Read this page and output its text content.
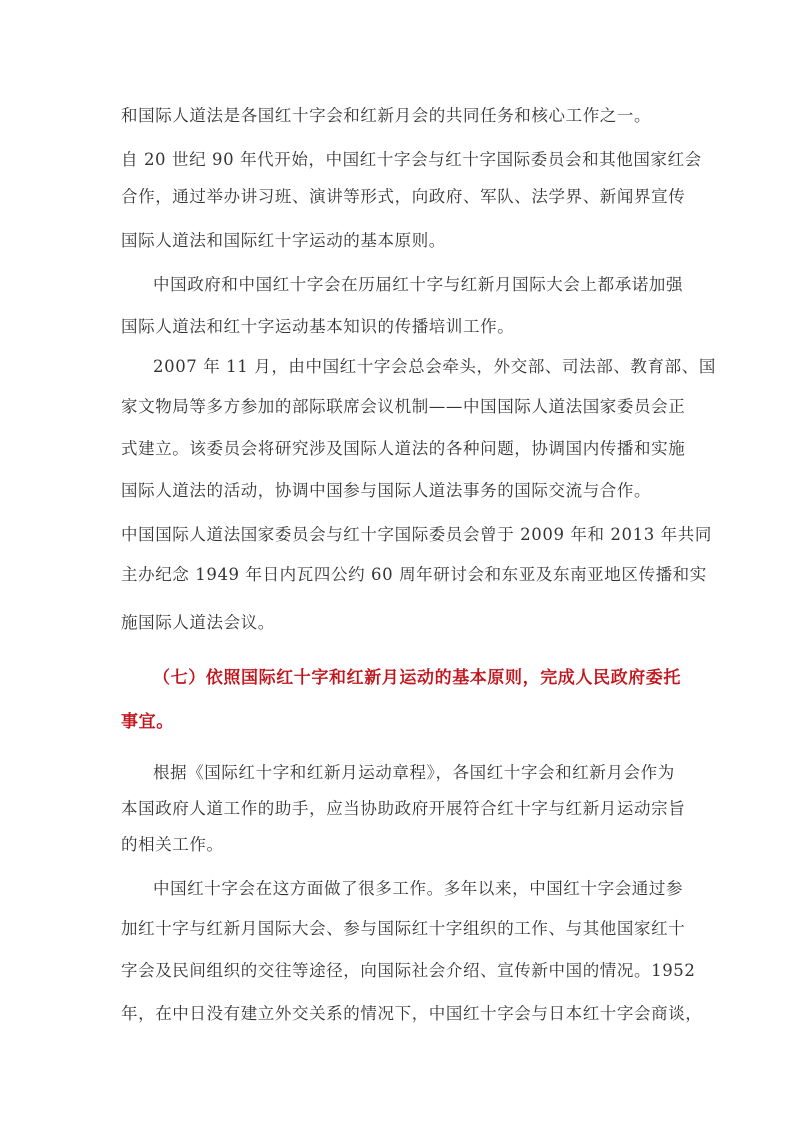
和国际人道法是各国红十字会和红新月会的共同任务和核心工作之一。
自 20 世纪 90 年代开始，中国红十字会与红十字国际委员会和其他国家红会
合作，通过举办讲习班、演讲等形式，向政府、军队、法学界、新闻界宣传
国际人道法和国际红十字运动的基本原则。
中国政府和中国红十字会在历届红十字与红新月国际大会上都承诺加强
国际人道法和红十字运动基本知识的传播培训工作。
2007 年 11 月，由中国红十字会总会牵头，外交部、司法部、教育部、国
家文物局等多方参加的部际联席会议机制——中国国际人道法国家委员会正
式建立。该委员会将研究涉及国际人道法的各种问题，协调国内传播和实施
国际人道法的活动，协调中国参与国际人道法事务的国际交流与合作。
中国国际人道法国家委员会与红十字国际委员会曾于 2009 年和 2013 年共同
主办纪念 1949 年日内瓦四公约 60 周年研讨会和东亚及东南亚地区传播和实
施国际人道法会议。
（七）依照国际红十字和红新月运动的基本原则，完成人民政府委托
事宜。
根据《国际红十字和红新月运动章程》，各国红十字会和红新月会作为
本国政府人道工作的助手，应当协助政府开展符合红十字与红新月运动宗旨
的相关工作。
中国红十字会在这方面做了很多工作。多年以来，中国红十字会通过参
加红十字与红新月国际大会、参与国际红十字组织的工作、与其他国家红十
字会及民间组织的交往等途径，向国际社会介绍、宣传新中国的情况。1952
年，在中日没有建立外交关系的情况下，中国红十字会与日本红十字会商谈，
